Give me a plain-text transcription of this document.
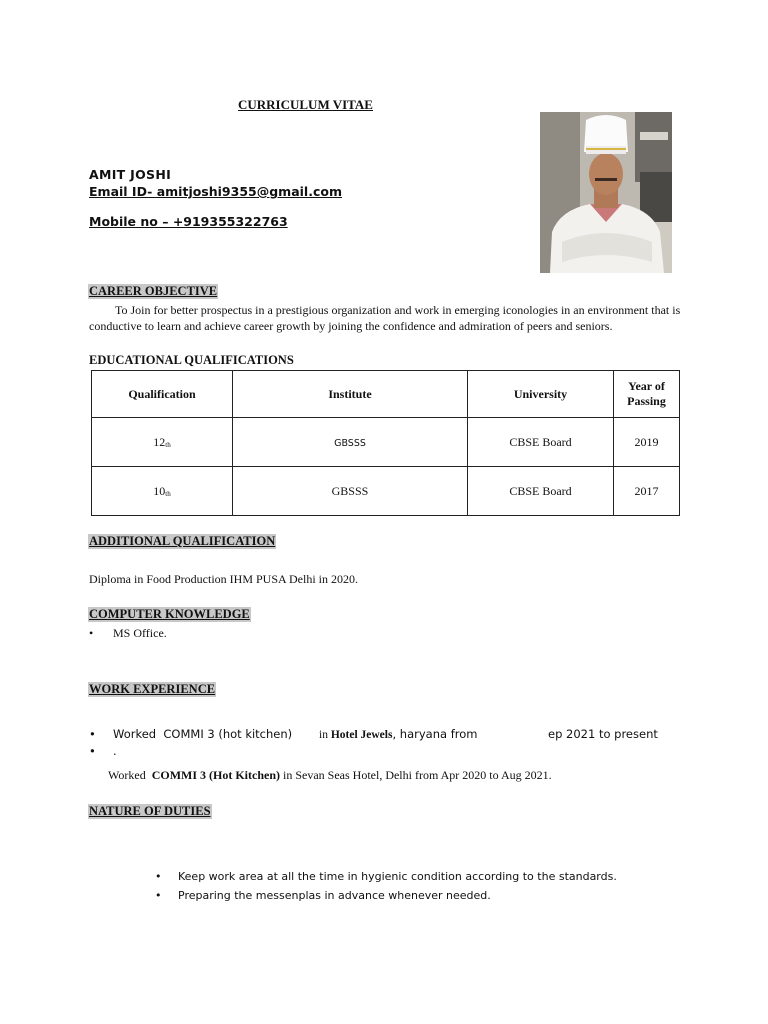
CURRICULUM VITAE
AMIT JOSHI
Email ID- amitjoshi9355@gmail.com
Mobile no – +919355322763
CAREER OBJECTIVE
To Join for better prospectus in a prestigious organization and work in emerging iconologies in an environment that is conductive to learn and achieve career growth by joining the confidence and admiration of peers and seniors.
EDUCATIONAL QUALIFICATIONS
Qualification	Institute	University	Year of Passing
12th	GBSSS	CBSE Board	2019
10th	GBSSS	CBSE Board	2017
ADDITIONAL QUALIFICATION
Diploma in Food Production IHM PUSA Delhi in 2020.
COMPUTER KNOWLEDGE
• MS Office.
WORK EXPERIENCE
• Worked  COMMI 3 (hot kitchen) in Hotel Jewels, haryana from	ep 2021 to present
• .
Worked  COMMI 3 (Hot Kitchen) in Sevan Seas Hotel, Delhi from Apr 2020 to Aug 2021.
NATURE OF DUTIES
• Keep work area at all the time in hygienic condition according to the standards.
• Preparing the messenplas in advance whenever needed.
